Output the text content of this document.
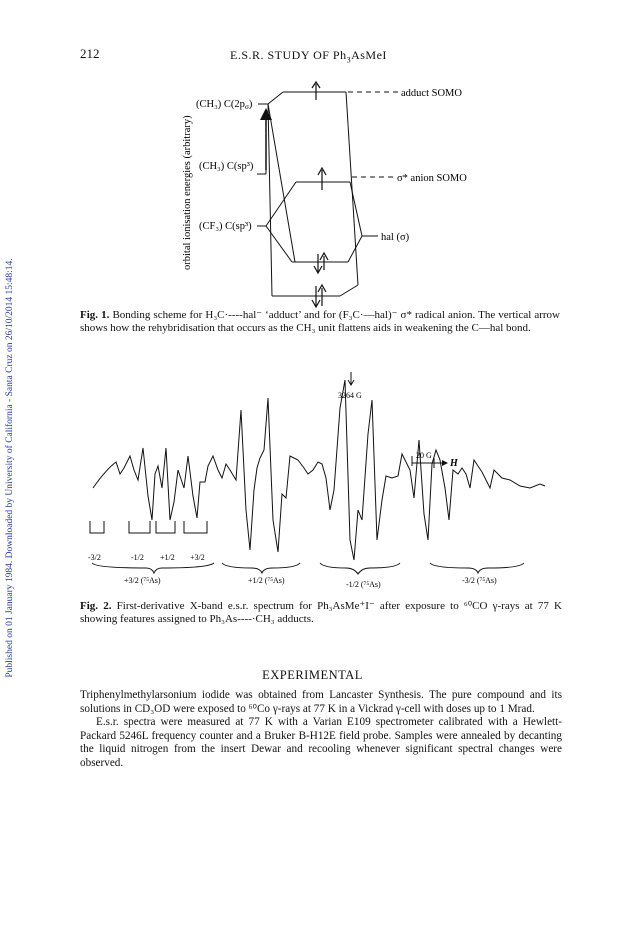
Published on 01 January 1984. Downloaded by University of California - Santa Cruz on 26/10/2014 15:48:14.
212	E.S.R. STUDY OF $Ph_3AsMeI$
orbital ionisation energies (arbitrary)
(CH₃) C(2pσ)
(CH₃) C(sp³)
(CF₃) C(sp³)
adduct SOMO
σ* anion SOMO
hal (σ)
Fig. 1. Bonding scheme for H₃C·----hal⁻ ‘adduct’ and for (F₃C·—hal)⁻ σ* radical anion. The vertical arrow shows how the rehybridisation that occurs as the CH₃ unit flattens aids in weakening the C—hal bond.
3264 G
20 G
H
-3/2	-1/2 +1/2 +3/2
+3/2 (⁷⁵As)	+1/2 (⁷⁵As)	-1/2 (⁷⁵As)	-3/2 (⁷⁵As)
Fig. 2. First-derivative X-band e.s.r. spectrum for Ph₃AsMe⁺I⁻ after exposure to ⁶⁰CO γ-rays at 77 K showing features assigned to Ph₃As----·CH₃ adducts.
EXPERIMENTAL

Triphenylmethylarsonium iodide was obtained from Lancaster Synthesis. The pure compound and its solutions in CD₃OD were exposed to ⁶⁰Co γ-rays at 77 K in a Vickrad γ-cell with doses up to 1 Mrad.

E.s.r. spectra were measured at 77 K with a Varian E109 spectrometer calibrated with a Hewlett-Packard 5246L frequency counter and a Bruker B-H12E field probe. Samples were annealed by decanting the liquid nitrogen from the insert Dewar and recooling whenever significant spectral changes were observed.
